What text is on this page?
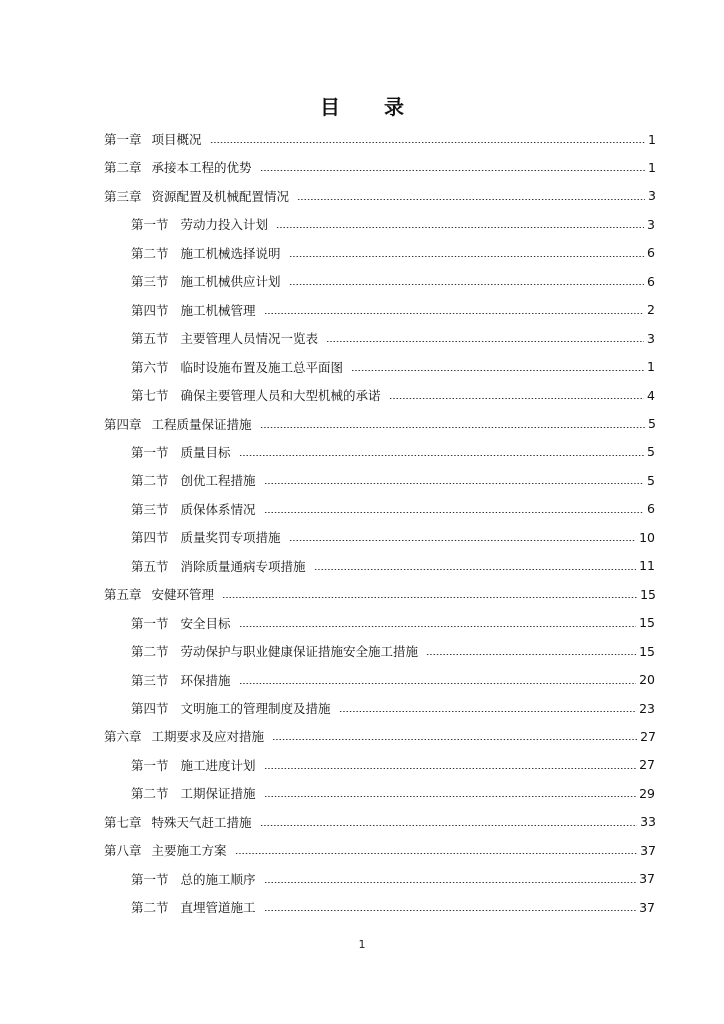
目 录
第一章 项目概况	1
第二章 承接本工程的优势	1
第三章 资源配置及机械配置情况	3
第一节 劳动力投入计划	3
第二节 施工机械选择说明	6
第三节 施工机械供应计划	6
第四节 施工机械管理	2
第五节 主要管理人员情况一览表	3
第六节 临时设施布置及施工总平面图	1
第七节 确保主要管理人员和大型机械的承诺	4
第四章 工程质量保证措施	5
第一节 质量目标	5
第二节 创优工程措施	5
第三节 质保体系情况	6
第四节 质量奖罚专项措施	10
第五节 消除质量通病专项措施	11
第五章 安健环管理	15
第一节 安全目标	15
第二节 劳动保护与职业健康保证措施安全施工措施	15
第三节 环保措施	20
第四节 文明施工的管理制度及措施	23
第六章 工期要求及应对措施	27
第一节 施工进度计划	27
第二节 工期保证措施	29
第七章 特殊天气赶工措施	33
第八章 主要施工方案	37
第一节 总的施工顺序	37
第二节 直埋管道施工	37
1
